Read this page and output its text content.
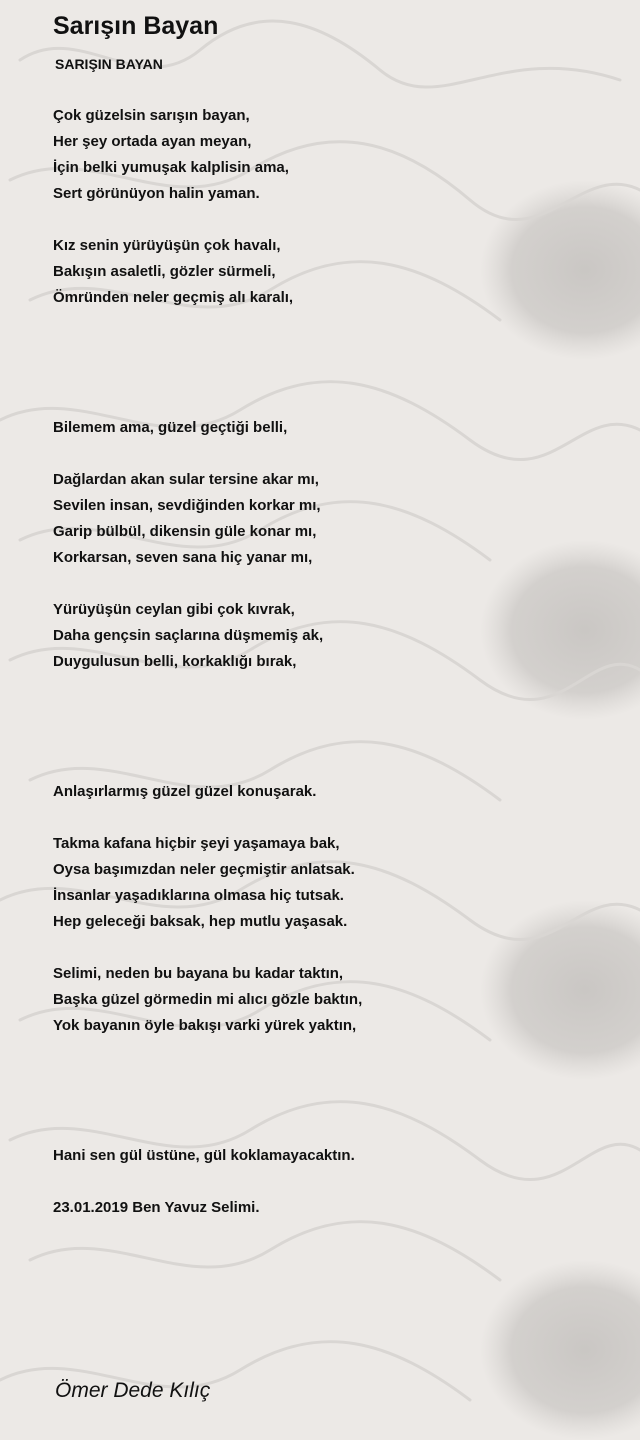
Sarışın Bayan
SARIŞIN BAYAN
Çok güzelsin sarışın bayan,
Her şey ortada ayan meyan,
İçin belki yumuşak kalplisin ama,
Sert görünüyon halin yaman.
Kız senin yürüyüşün çok havalı,
Bakışın asaletli, gözler sürmeli,
Ömründen neler geçmiş alı karalı,
Bilemem ama, güzel geçtiği belli,
Dağlardan akan sular tersine akar mı,
Sevilen insan, sevdiğinden korkar mı,
Garip bülbül, dikensin güle konar mı,
Korkarsan, seven sana hiç yanar mı,
Yürüyüşün ceylan gibi çok kıvrak,
Daha gençsin saçlarına düşmemiş ak,
Duygulusun belli, korkaklığı bırak,
Anlaşırlarmış güzel güzel konuşarak.
Takma kafana hiçbir şeyi yaşamaya bak,
Oysa başımızdan neler geçmiştir anlatsak.
İnsanlar yaşadıklarına olmasa hiç tutsak.
Hep geleceği baksak, hep mutlu yaşasak.
Selimi, neden bu bayana bu kadar taktın,
Başka güzel görmedin mi alıcı gözle baktın,
Yok bayanın öyle bakışı varki yürek yaktın,
Hani sen gül üstüne, gül koklamayacaktın.
23.01.2019 Ben Yavuz Selimi.
Ömer Dede Kılıç
